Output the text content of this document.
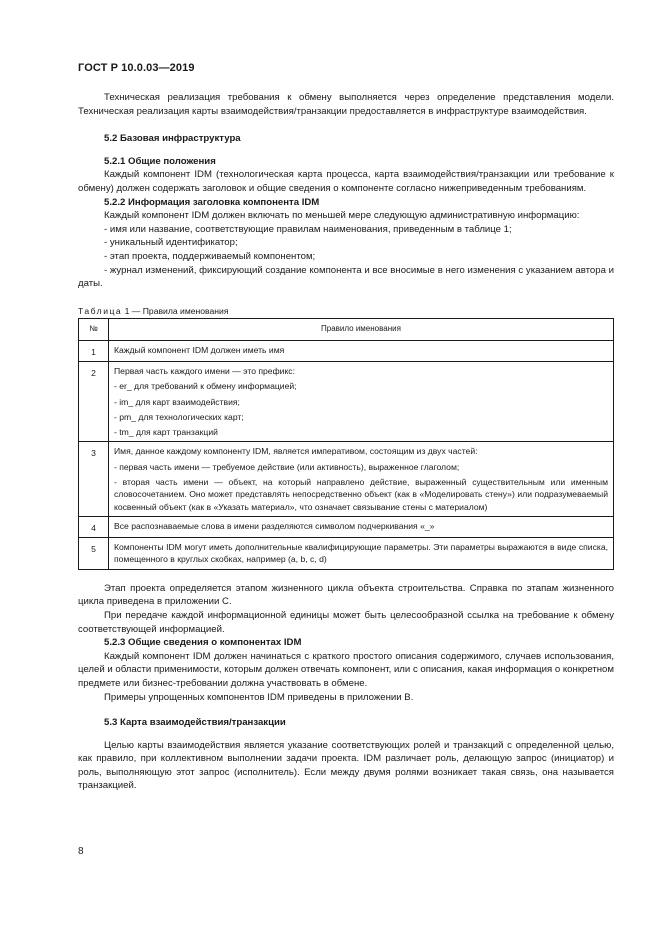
ГОСТ Р 10.0.03—2019

Техническая реализация требования к обмену выполняется через определение представления модели. Техническая реализация карты взаимодействия/транзакции предоставляется в инфраструктуре взаимодействия.

5.2 Базовая инфраструктура

5.2.1 Общие положения

Каждый компонент IDM (технологическая карта процесса, карта взаимодействия/транзакции или требование к обмену) должен содержать заголовок и общие сведения о компоненте согласно нижеприведенным требованиям.

5.2.2 Информация заголовка компонента IDM

Каждый компонент IDM должен включать по меньшей мере следующую административную информацию:

- имя или название, соответствующие правилам наименования, приведенным в таблице 1;

- уникальный идентификатор;

- этап проекта, поддерживаемый компонентом;

- журнал изменений, фиксирующий создание компонента и все вносимые в него изменения с указанием автора и даты.

Таблица 1 — Правила именования

№	Правило именования
1	Каждый компонент IDM должен иметь имя

2	Первая часть каждого имени — это префикс:

- er_ для требований к обмену информацией;

- im_ для карт взаимодействия;

- pm_ для технологических карт;

- tm_ для карт транзакций

3	Имя, данное каждому компоненту IDM, является императивом, состоящим из двух частей:

- первая часть имени — требуемое действие (или активность), выраженное глаголом;

- вторая часть имени — объект, на который направлено действие, выраженный существительным или именным словосочетанием. Оно может представлять непосредственно объект (как в «Моделировать стену») или подразумеваемый косвенный объект (как в «Указать материал», что означает связывание стены с материалом)

4	Все распознаваемые слова в имени разделяются символом подчеркивания «_»

5	Компоненты IDM могут иметь дополнительные квалифицирующие параметры. Эти параметры выражаются в виде списка, помещенного в круглых скобках, например (a, b, c, d)

Этап проекта определяется этапом жизненного цикла объекта строительства. Справка по этапам жизненного цикла приведена в приложении С.

При передаче каждой информационной единицы может быть целесообразной ссылка на требование к обмену соответствующей информацией.

5.2.3 Общие сведения о компонентах IDM

Каждый компонент IDM должен начинаться с краткого простого описания содержимого, случаев использования, целей и области применимости, которым должен отвечать компонент, или с описания, какая информация о конкретном предмете или бизнес-требовании должна участвовать в обмене.

Примеры упрощенных компонентов IDM приведены в приложении В.

5.3 Карта взаимодействия/транзакции

Целью карты взаимодействия является указание соответствующих ролей и транзакций с определенной целью, как правило, при коллективном выполнении задачи проекта. IDM различает роль, делающую запрос (инициатор) и роль, выполняющую этот запрос (исполнитель). Если между двумя ролями возникает такая связь, она называется транзакцией.

8
